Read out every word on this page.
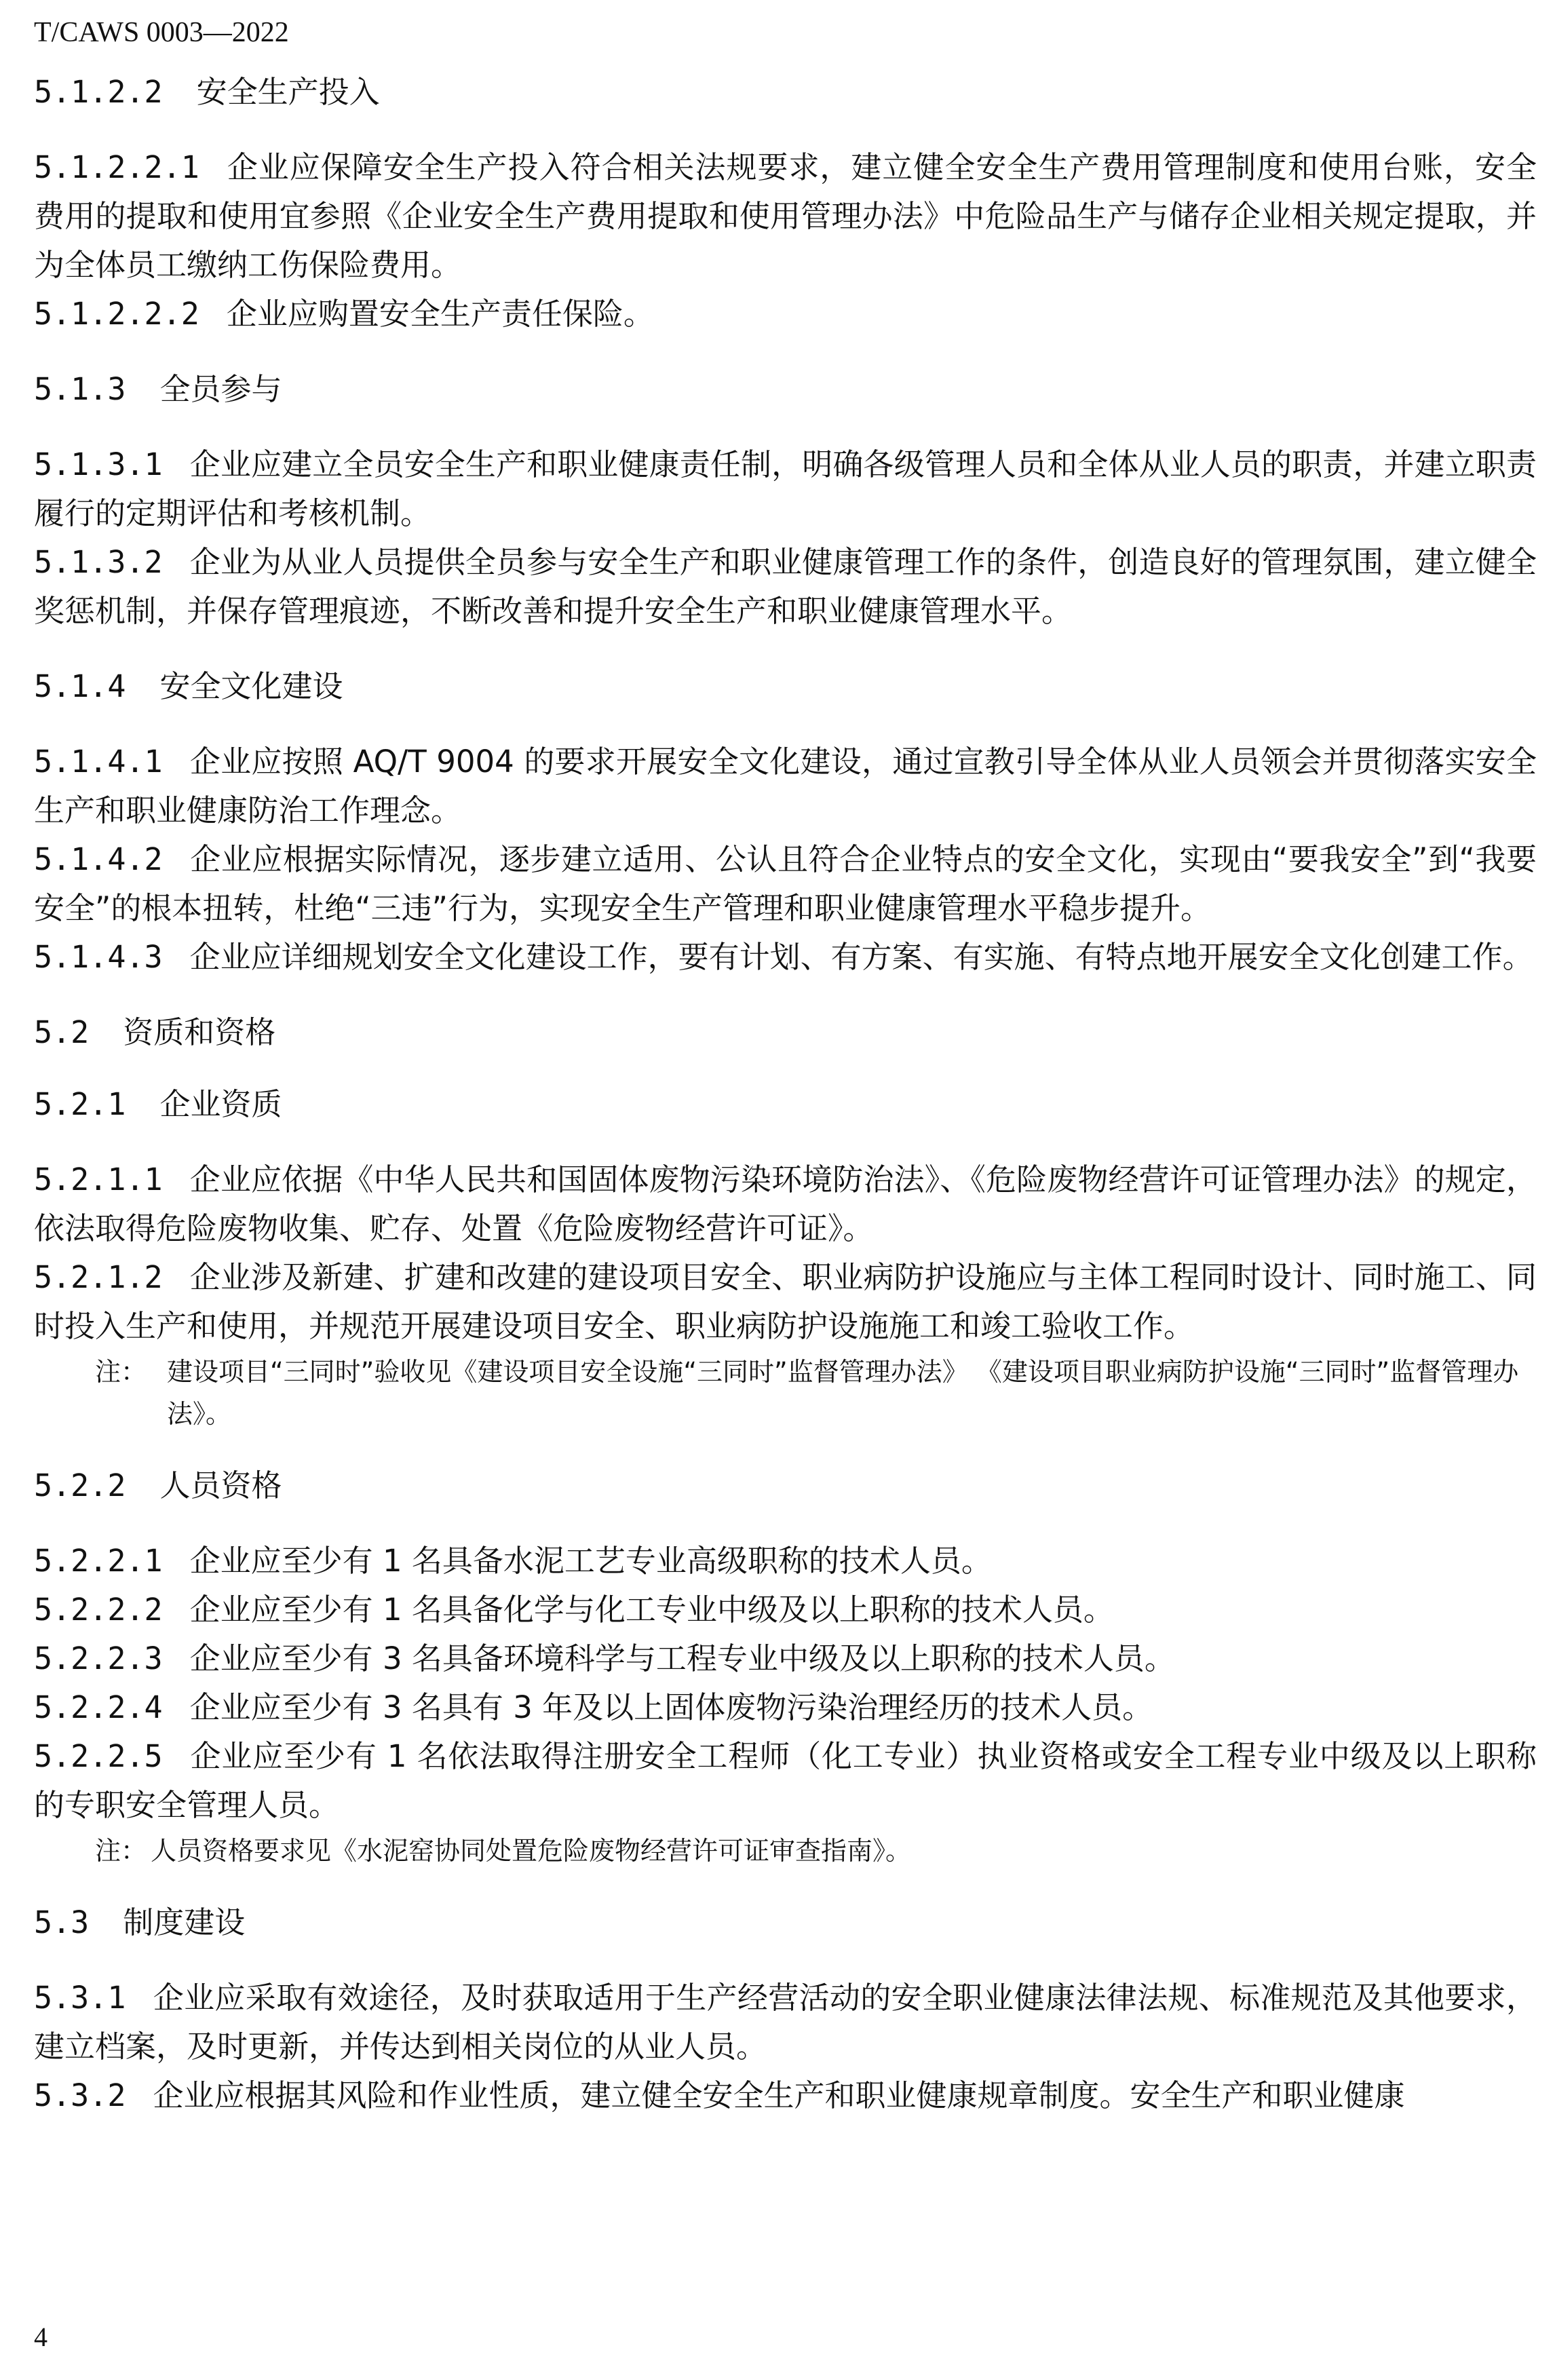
T/CAWS 0003—2022

5.1.2.2 安全生产投入

5.1.2.2.1 企业应保障安全生产投入符合相关法规要求，建立健全安全生产费用管理制度和使用台账，安全费用的提取和使用宜参照《企业安全生产费用提取和使用管理办法》中危险品生产与储存企业相关规定提取，并为全体员工缴纳工伤保险费用。

5.1.2.2.2 企业应购置安全生产责任保险。

5.1.3 全员参与

5.1.3.1 企业应建立全员安全生产和职业健康责任制，明确各级管理人员和全体从业人员的职责，并建立职责履行的定期评估和考核机制。

5.1.3.2 企业为从业人员提供全员参与安全生产和职业健康管理工作的条件，创造良好的管理氛围，建立健全奖惩机制，并保存管理痕迹，不断改善和提升安全生产和职业健康管理水平。

5.1.4 安全文化建设

5.1.4.1 企业应按照 AQ/T 9004 的要求开展安全文化建设，通过宣教引导全体从业人员领会并贯彻落实安全生产和职业健康防治工作理念。

5.1.4.2 企业应根据实际情况，逐步建立适用、公认且符合企业特点的安全文化，实现由“要我安全”到“我要安全”的根本扭转，杜绝“三违”行为，实现安全生产管理和职业健康管理水平稳步提升。

5.1.4.3 企业应详细规划安全文化建设工作，要有计划、有方案、有实施、有特点地开展安全文化创建工作。

5.2 资质和资格

5.2.1 企业资质

5.2.1.1 企业应依据《中华人民共和国固体废物污染环境防治法》、《危险废物经营许可证管理办法》的规定，依法取得危险废物收集、贮存、处置《危险废物经营许可证》。

5.2.1.2 企业涉及新建、扩建和改建的建设项目安全、职业病防护设施应与主体工程同时设计、同时施工、同时投入生产和使用，并规范开展建设项目安全、职业病防护设施施工和竣工验收工作。

注： 建设项目“三同时”验收见《建设项目安全设施“三同时”监督管理办法》 《建设项目职业病防护设施“三同时”监督管理办法》。

5.2.2 人员资格

5.2.2.1 企业应至少有 1 名具备水泥工艺专业高级职称的技术人员。

5.2.2.2 企业应至少有 1 名具备化学与化工专业中级及以上职称的技术人员。

5.2.2.3 企业应至少有 3 名具备环境科学与工程专业中级及以上职称的技术人员。

5.2.2.4 企业应至少有 3 名具有 3 年及以上固体废物污染治理经历的技术人员。

5.2.2.5 企业应至少有 1 名依法取得注册安全工程师（化工专业）执业资格或安全工程专业中级及以上职称的专职安全管理人员。

注： 人员资格要求见《水泥窑协同处置危险废物经营许可证审查指南》。

5.3 制度建设

5.3.1 企业应采取有效途径，及时获取适用于生产经营活动的安全职业健康法律法规、标准规范及其他要求，建立档案，及时更新，并传达到相关岗位的从业人员。

5.3.2 企业应根据其风险和作业性质，建立健全安全生产和职业健康规章制度。安全生产和职业健康

4
